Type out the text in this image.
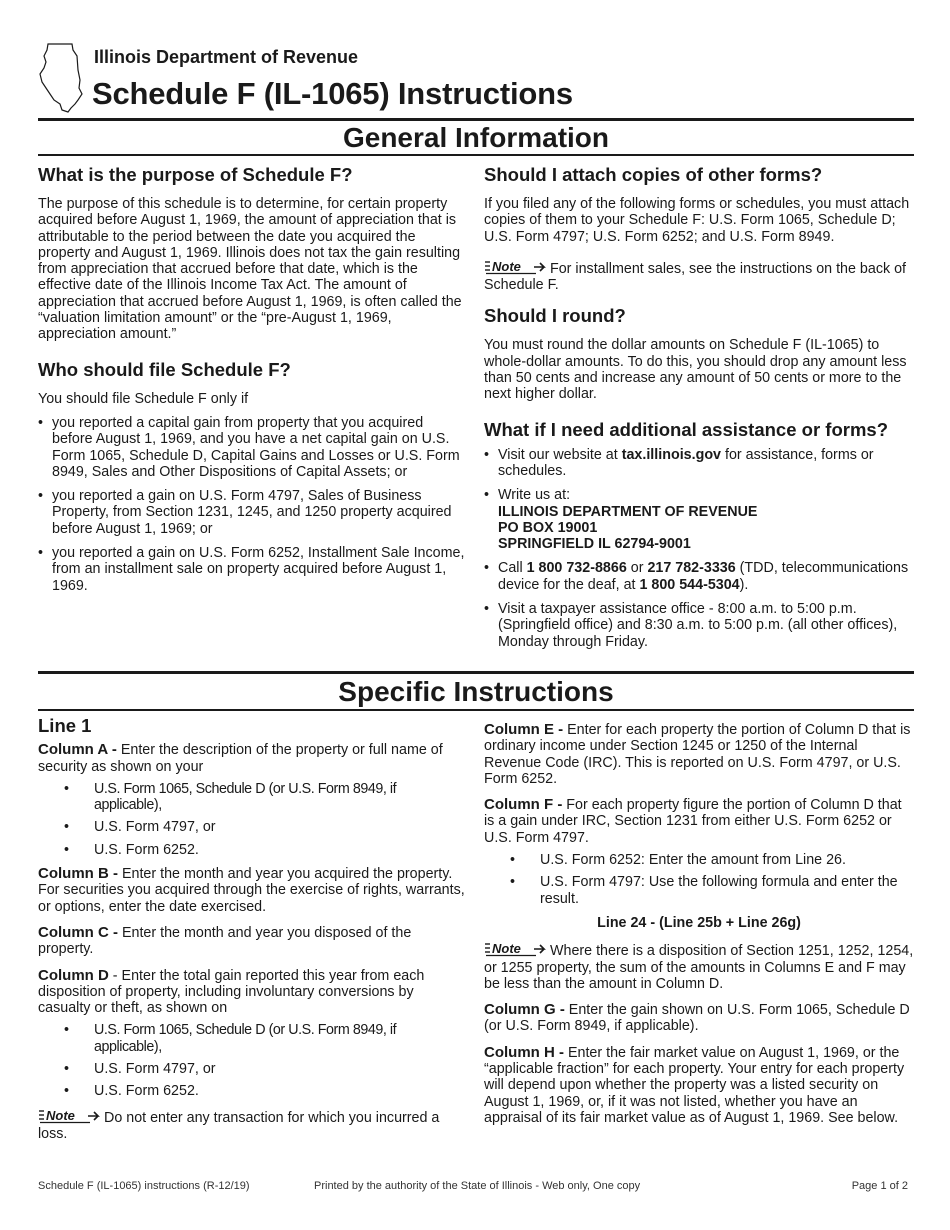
Illinois Department of Revenue
Schedule F (IL-1065) Instructions
General Information
What is the purpose of Schedule F?

The purpose of this schedule is to determine, for certain property acquired before August 1, 1969, the amount of appreciation that is attributable to the period between the date you acquired the property and August 1, 1969. Illinois does not tax the gain resulting from appreciation that accrued before that date, which is the effective date of the Illinois Income Tax Act. The amount of appreciation that accrued before August 1, 1969, is often called the “valuation limitation amount” or the “pre-August 1, 1969, appreciation amount.”

Who should file Schedule F?

You should file Schedule F only if

• you reported a capital gain from property that you acquired before August 1, 1969, and you have a net capital gain on U.S. Form 1065, Schedule D, Capital Gains and Losses or U.S. Form 8949, Sales and Other Dispositions of Capital Assets; or
• you reported a gain on U.S. Form 4797, Sales of Business Property, from Section 1231, 1245, and 1250 property acquired before August 1, 1969; or
• you reported a gain on U.S. Form 6252, Installment Sale Income, from an installment sale on property acquired before August 1, 1969.
Should I attach copies of other forms?

If you filed any of the following forms or schedules, you must attach copies of them to your Schedule F: U.S. Form 1065, Schedule D; U.S. Form 4797; U.S. Form 6252; and U.S. Form 8949.

Note For installment sales, see the instructions on the back of Schedule F.

Should I round?

You must round the dollar amounts on Schedule F (IL-1065) to whole-dollar amounts. To do this, you should drop any amount less than 50 cents and increase any amount of 50 cents or more to the next higher dollar.

What if I need additional assistance or forms?
• Visit our website at tax.illinois.gov for assistance, forms or schedules.
• Write us at:
ILLINOIS DEPARTMENT OF REVENUE
PO BOX 19001
SPRINGFIELD IL 62794-9001
• Call 1 800 732-8866 or 217 782-3336 (TDD, telecommunications device for the deaf, at 1 800 544-5304).
• Visit a taxpayer assistance office - 8:00 a.m. to 5:00 p.m. (Springfield office) and 8:30 a.m. to 5:00 p.m. (all other offices), Monday through Friday.
Specific Instructions
Line 1

Column A - Enter the description of the property or full name of security as shown on your

• U.S. Form 1065, Schedule D (or U.S. Form 8949, if applicable),
• U.S. Form 4797, or
• U.S. Form 6252.

Column B - Enter the month and year you acquired the property. For securities you acquired through the exercise of rights, warrants, or options, enter the date exercised.

Column C - Enter the month and year you disposed of the property.

Column D - Enter the total gain reported this year from each disposition of property, including involuntary conversions by casualty or theft, as shown on

• U.S. Form 1065, Schedule D (or U.S. Form 8949, if applicable),
• U.S. Form 4797, or
• U.S. Form 6252.

Note Do not enter any transaction for which you incurred a loss.

Column E - Enter for each property the portion of Column D that is ordinary income under Section 1245 or 1250 of the Internal Revenue Code (IRC). This is reported on U.S. Form 4797, or U.S. Form 6252.

Column F - For each property figure the portion of Column D that is a gain under IRC, Section 1231 from either U.S. Form 6252 or U.S. Form 4797.

• U.S. Form 6252: Enter the amount from Line 26.
• U.S. Form 4797: Use the following formula and enter the result.
Line 24 - (Line 25b + Line 26g)

Note Where there is a disposition of Section 1251, 1252, 1254, or 1255 property, the sum of the amounts in Columns E and F may be less than the amount in Column D.

Column G - Enter the gain shown on U.S. Form 1065, Schedule D (or U.S. Form 8949, if applicable).

Column H - Enter the fair market value on August 1, 1969, or the “applicable fraction” for each property. Your entry for each property will depend upon whether the property was a listed security on August 1, 1969, or, if it was not listed, whether you have an appraisal of its fair market value as of August 1, 1969. See below.

Schedule F (IL-1065) instructions (R-12/19)	Printed by the authority of the State of Illinois - Web only, One copy	Page 1 of 2
